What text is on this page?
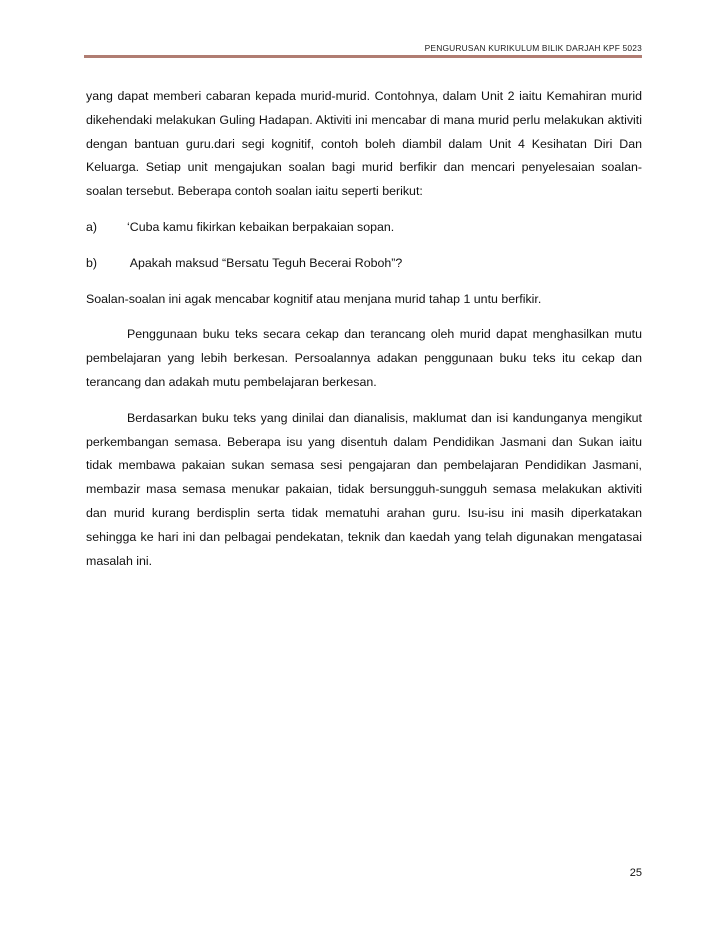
PENGURUSAN KURIKULUM BILIK DARJAH KPF 5023

yang dapat memberi cabaran kepada murid-murid. Contohnya, dalam Unit 2 iaitu Kemahiran murid dikehendaki melakukan Guling Hadapan. Aktiviti ini mencabar di mana murid perlu melakukan aktiviti dengan bantuan guru.dari segi kognitif, contoh boleh diambil dalam Unit 4 Kesihatan Diri Dan Keluarga. Setiap unit mengajukan soalan bagi murid berfikir dan mencari penyelesaian soalan-soalan tersebut. Beberapa contoh soalan iaitu seperti berikut:

a)	‘Cuba kamu fikirkan kebaikan berpakaian sopan.
b)	Apakah maksud “Bersatu Teguh Becerai Roboh”?

Soalan-soalan ini agak mencabar kognitif atau menjana murid tahap 1 untu berfikir.

Penggunaan buku teks secara cekap dan terancang oleh murid dapat menghasilkan mutu pembelajaran yang lebih berkesan. Persoalannya adakan penggunaan buku teks itu cekap dan terancang dan adakah mutu pembelajaran berkesan.

Berdasarkan buku teks yang dinilai dan dianalisis, maklumat dan isi kandunganya mengikut perkembangan semasa. Beberapa isu yang disentuh dalam Pendidikan Jasmani dan Sukan iaitu tidak membawa pakaian sukan semasa sesi pengajaran dan pembelajaran Pendidikan Jasmani, membazir masa semasa menukar pakaian, tidak bersungguh-sungguh semasa melakukan aktiviti dan murid kurang berdisplin serta tidak mematuhi arahan guru. Isu-isu ini masih diperkatakan sehingga ke hari ini dan pelbagai pendekatan, teknik dan kaedah yang telah digunakan mengatasai masalah ini.

25
